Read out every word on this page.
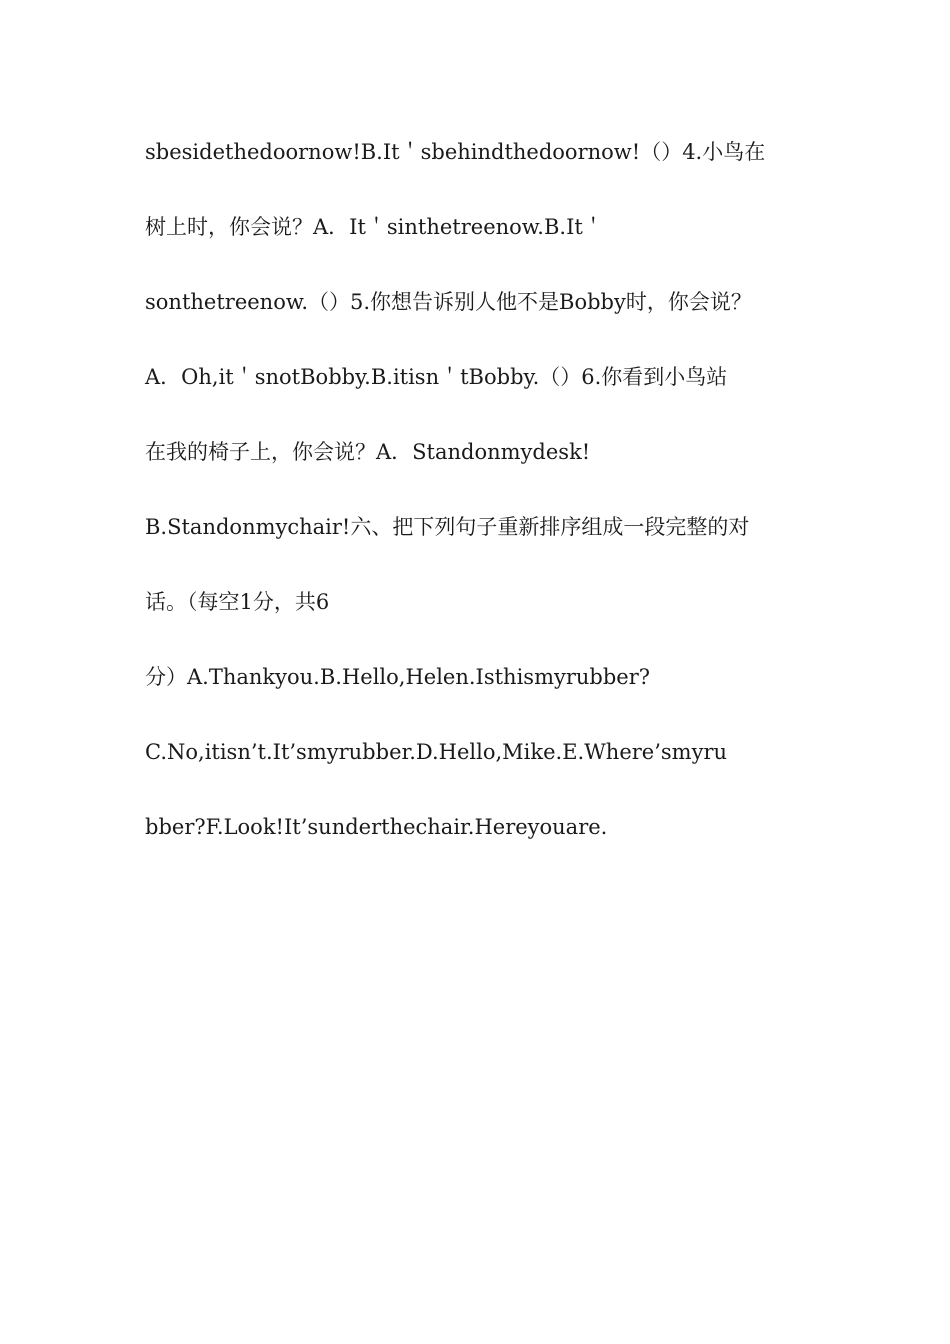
sbesidethedoornow!B.It＇sbehindthedoornow!（）4.小鸟在
树上时，你会说？A．It＇sinthetreenow.B.It＇
sonthetreenow.（）5.你想告诉别人他不是Bobby时，你会说？
A．Oh,it＇snotBobby.B.itisn＇tBobby.（）6.你看到小鸟站
在我的椅子上，你会说？A．Standonmydesk!
B.Standonmychair!六、把下列句子重新排序组成一段完整的对
话。（每空1分，共6
分）A.Thankyou.B.Hello,Helen.Isthismyrubber?
C.No,itisn’t.It’smyrubber.D.Hello,Mike.E.Where’smyru
bber?F.Look!It’sunderthechair.Hereyouare.
